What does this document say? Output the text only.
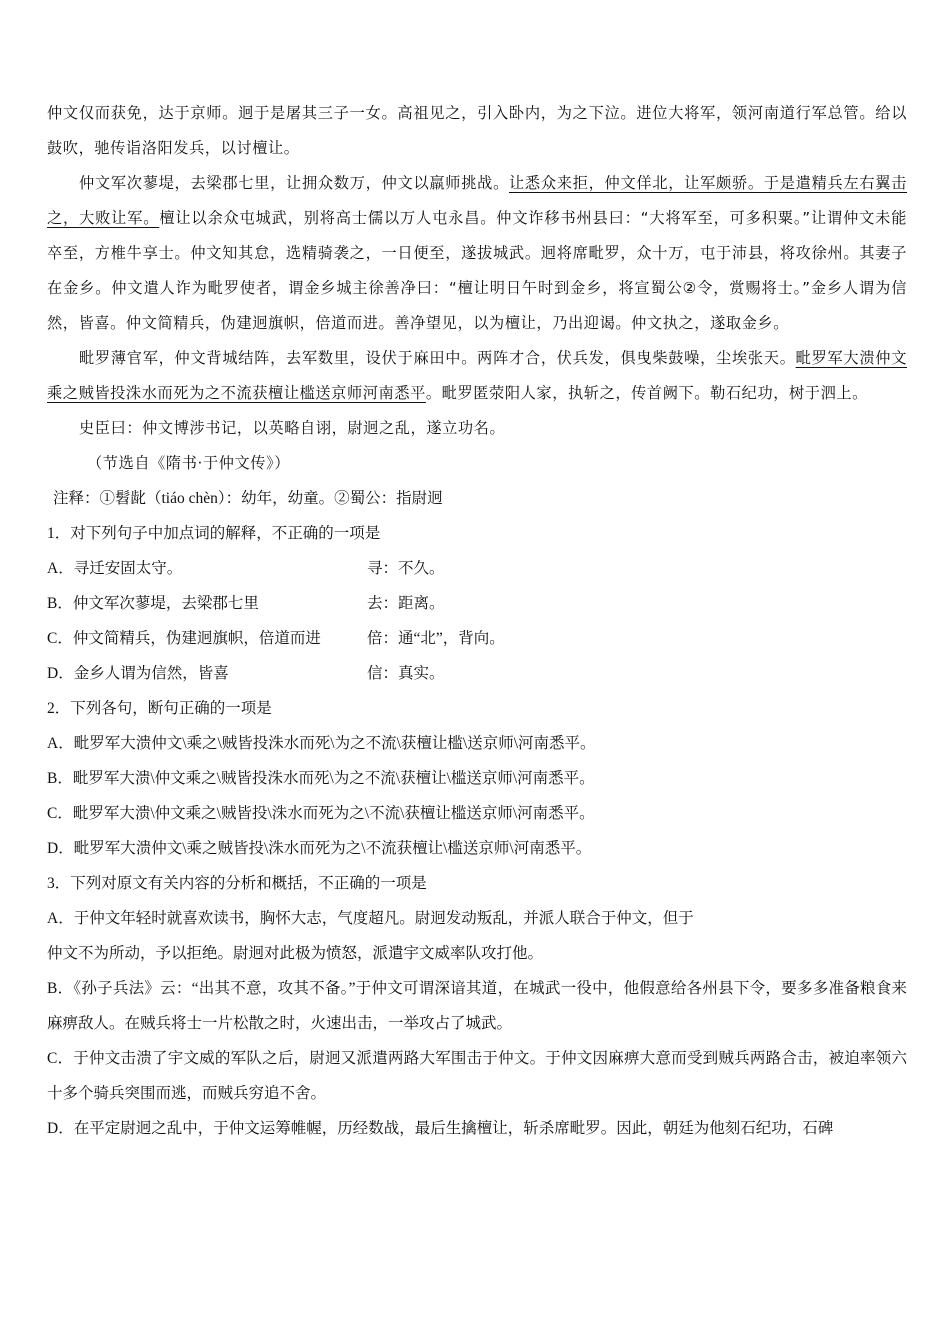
仲文仅而获免，达于京师。迥于是屠其三子一女。高祖见之，引入卧内，为之下泣。进位大将军，领河南道行军总管。给以鼓吹，驰传诣洛阳发兵，以讨檀让。

仲文军次蓼堤，去梁郡七里，让拥众数万，仲文以羸师挑战。让悉众来拒，仲文佯北，让军颇骄。于是遣精兵左右翼击之，大败让军。檀让以余众屯城武，别将高士儒以万人屯永昌。仲文诈移书州县曰：“大将军至，可多积粟。”让谓仲文未能卒至，方椎牛享士。仲文知其怠，选精骑袭之，一日便至，遂拔城武。迥将席毗罗，众十万，屯于沛县，将攻徐州。其妻子在金乡。仲文遣人诈为毗罗使者，谓金乡城主徐善净曰：“檀让明日午时到金乡，将宣蜀公②令，赏赐将士。”金乡人谓为信然，皆喜。仲文简精兵，伪建迥旗帜，倍道而进。善净望见，以为檀让，乃出迎谒。仲文执之，遂取金乡。

毗罗薄官军，仲文背城结阵，去军数里，设伏于麻田中。两阵才合，伏兵发，俱曳柴鼓噪，尘埃张天。毗罗军大溃仲文乘之贼皆投洙水而死为之不流获檀让槛送京师河南悉平。毗罗匿荥阳人家，执斩之，传首阙下。勒石纪功，树于泗上。

史臣曰：仲文博涉书记，以英略自诩，尉迥之乱，遂立功名。

（节选自《隋书·于仲文传》）

注释：①髫龀（tiáo chèn）：幼年，幼童。②蜀公：指尉迥

1．对下列句子中加点词的解释，不正确的一项是

A．寻迁安固太守。	寻：不久。
B．仲文军次蓼堤，去梁郡七里	去：距离。
C．仲文简精兵，伪建迥旗帜，倍道而进	倍：通“北”，背向。
D．金乡人谓为信然，皆喜	信：真实。

2．下列各句，断句正确的一项是

A．毗罗军大溃仲文\乘之\贼皆投洙水而死\为之不流\获檀让槛\送京师\河南悉平。

B．毗罗军大溃\仲文乘之\贼皆投洙水而死\为之不流\获檀让\槛送京师\河南悉平。

C．毗罗军大溃\仲文乘之\贼皆投\洙水而死为之\不流\获檀让槛送京师\河南悉平。

D．毗罗军大溃仲文\乘之贼皆投\洙水而死为之\不流获檀让\槛送京师\河南悉平。

3．下列对原文有关内容的分析和概括，不正确的一项是

A．于仲文年轻时就喜欢读书，胸怀大志，气度超凡。尉迥发动叛乱，并派人联合于仲文，但于

仲文不为所动，予以拒绝。尉迥对此极为愤怒，派遣宇文威率队攻打他。

B．《孙子兵法》云：“出其不意，攻其不备。”于仲文可谓深谙其道，在城武一役中，他假意给各州县下令，要多多准备粮食来麻痹敌人。在贼兵将士一片松散之时，火速出击，一举攻占了城武。

C．于仲文击溃了宇文威的军队之后，尉迥又派遣两路大军围击于仲文。于仲文因麻痹大意而受到贼兵两路合击，被迫率领六十多个骑兵突围而逃，而贼兵穷追不舍。

D．在平定尉迥之乱中，于仲文运筹帷幄，历经数战，最后生擒檀让，斩杀席毗罗。因此，朝廷为他刻石纪功，石碑
